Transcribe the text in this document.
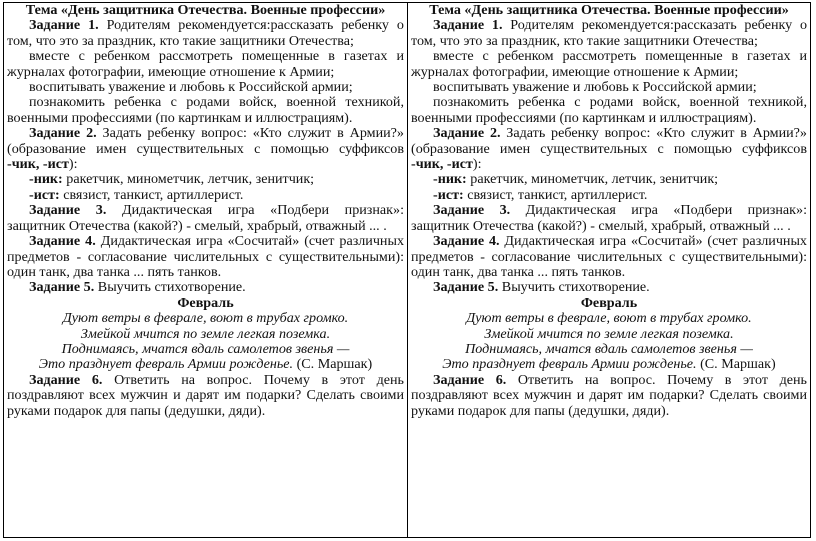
Тема «День защитника Отечества. Военные профессии»

Задание 1. Родителям рекомендуется:рассказать ребенку о том, что это за праздник, кто такие защитники Отечества;

вместе с ребенком рассмотреть помещенные в газетах и журналах фотографии, имеющие отношение к Армии;

воспитывать уважение и любовь к Российской армии;

познакомить ребенка с родами войск, военной техникой, военными профессиями (по картинкам и иллюстрациям).

Задание 2. Задать ребенку вопрос: «Кто служит в Армии?» (образование имен существительных с помощью суффиксов -чик, -ист):

-ник: ракетчик, минометчик, летчик, зенитчик;

-ист: связист, танкист, артиллерист.

Задание 3. Дидактическая игра «Подбери признак»: защитник Отечества (какой?) - смелый, храбрый, отважный ... .

Задание 4. Дидактическая игра «Сосчитай» (счет различных предметов - согласование числительных с существительными): один танк, два танка ... пять танков.

Задание 5. Выучить стихотворение.

Февраль

Дуют ветры в феврале, воют в трубах громко.

Змейкой мчится по земле легкая поземка.

Поднимаясь, мчатся вдаль самолетов звенья —

Это празднует февраль Армии рожденье. (С. Маршак)

Задание 6. Ответить на вопрос. Почему в этот день поздравляют всех мужчин и дарят им подарки? Сделать своими руками подарок для папы (дедушки, дяди).

Тема «День защитника Отечества. Военные профессии»

Задание 1. Родителям рекомендуется:рассказать ребенку о том, что это за праздник, кто такие защитники Отечества;

вместе с ребенком рассмотреть помещенные в газетах и журналах фотографии, имеющие отношение к Армии;

воспитывать уважение и любовь к Российской армии;

познакомить ребенка с родами войск, военной техникой, военными профессиями (по картинкам и иллюстрациям).

Задание 2. Задать ребенку вопрос: «Кто служит в Армии?» (образование имен существительных с помощью суффиксов -чик, -ист):

-ник: ракетчик, минометчик, летчик, зенитчик;

-ист: связист, танкист, артиллерист.

Задание 3. Дидактическая игра «Подбери признак»: защитник Отечества (какой?) - смелый, храбрый, отважный ... .

Задание 4. Дидактическая игра «Сосчитай» (счет различных предметов - согласование числительных с существительными): один танк, два танка ... пять танков.

Задание 5. Выучить стихотворение.

Февраль

Дуют ветры в феврале, воют в трубах громко.

Змейкой мчится по земле легкая поземка.

Поднимаясь, мчатся вдаль самолетов звенья —

Это празднует февраль Армии рожденье. (С. Маршак)

Задание 6. Ответить на вопрос. Почему в этот день поздравляют всех мужчин и дарят им подарки? Сделать своими руками подарок для папы (дедушки, дяди).
